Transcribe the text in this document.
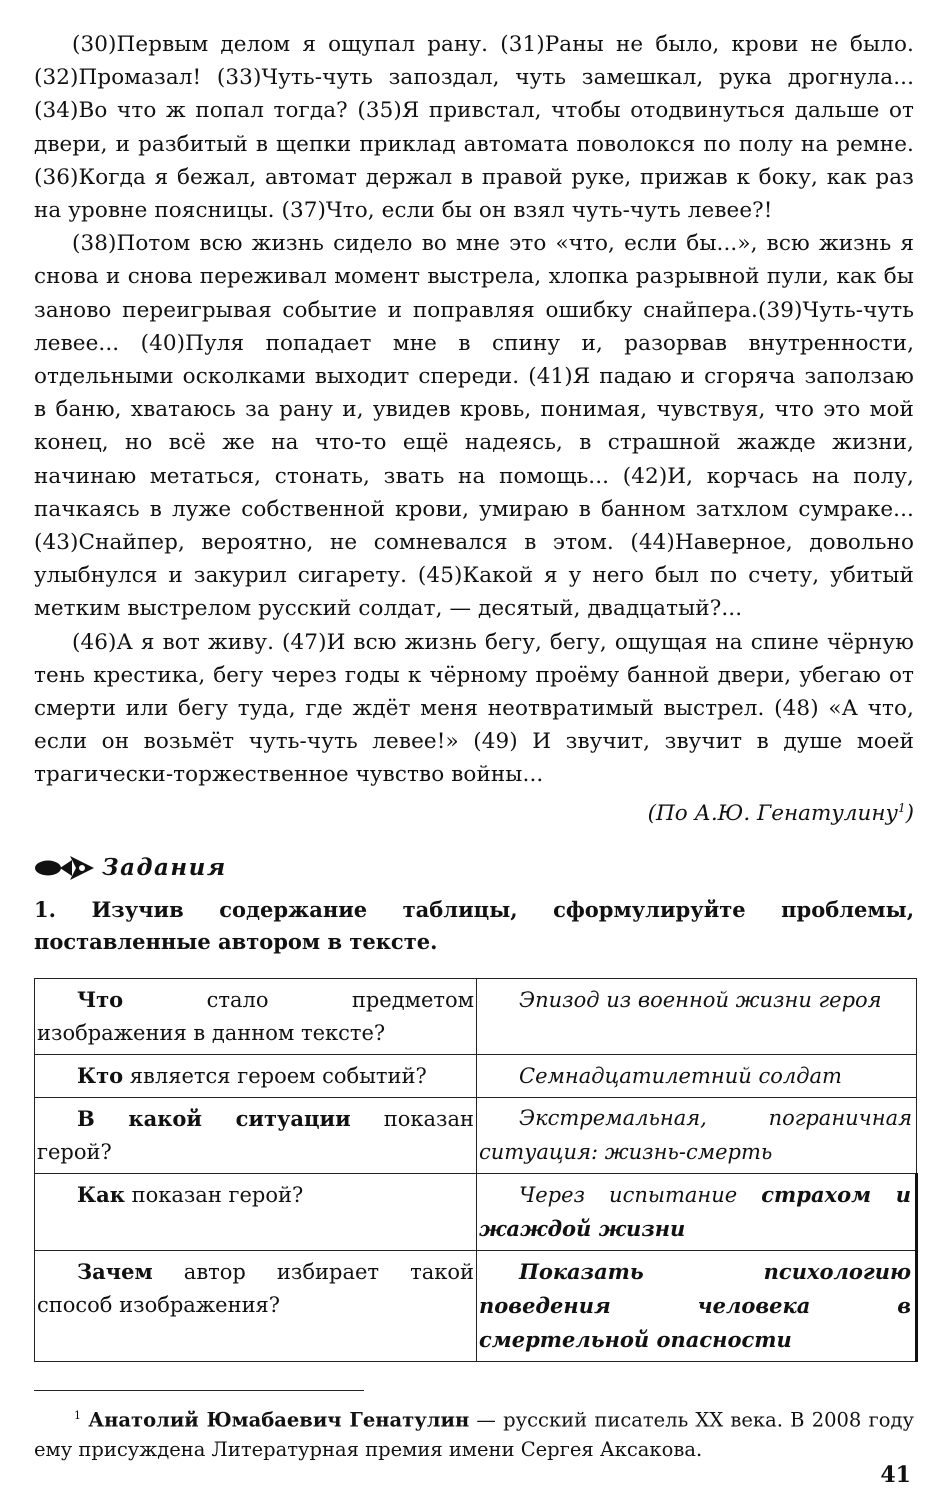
(30)Первым делом я ощупал рану. (31)Раны не было, крови не было. (32)Промазал! (33)Чуть-чуть запоздал, чуть замешкал, рука дрогнула... (34)Во что ж попал тогда? (35)Я привстал, чтобы отодвинуться дальше от двери, и разбитый в щепки приклад автомата поволокся по полу на ремне. (36)Когда я бежал, автомат держал в правой руке, прижав к боку, как раз на уровне поясницы. (37)Что, если бы он взял чуть-чуть левее?!

(38)Потом всю жизнь сидело во мне это «что, если бы...», всю жизнь я снова и снова переживал момент выстрела, хлопка разрывной пули, как бы заново переигрывая событие и поправляя ошибку снайпера.(39)Чуть-чуть левее... (40)Пуля попадает мне в спину и, разорвав внутренности, отдельными осколками выходит спереди. (41)Я падаю и сгоряча заползаю в баню, хватаюсь за рану и, увидев кровь, понимая, чувствуя, что это мой конец, но всё же на что-то ещё надеясь, в страшной жажде жизни, начинаю метаться, стонать, звать на помощь... (42)И, корчась на полу, пачкаясь в луже собственной крови, умираю в банном затхлом сумраке... (43)Снайпер, вероятно, не сомневался в этом. (44)Наверное, довольно улыбнулся и закурил сигарету. (45)Какой я у него был по счету, убитый метким выстрелом русский солдат, — десятый, двадцатый?...

(46)А я вот живу. (47)И всю жизнь бегу, бегу, ощущая на спине чёрную тень крестика, бегу через годы к чёрному проёму банной двери, убегаю от смерти или бегу туда, где ждёт меня неотвратимый выстрел. (48) «А что, если он возьмёт чуть-чуть левее!» (49) И звучит, звучит в душе моей трагически-торжественное чувство войны...

(По А.Ю. Генатулину$^1$)

Задания

1. Изучив содержание таблицы, сформулируйте проблемы, поставленные автором в тексте.

Что стало предметом изображения в данном тексте?	Эпизод из военной жизни героя
Кто является героем событий?	Семнадцатилетний солдат
В какой ситуации показан герой?	Экстремальная, пограничная ситуация: жизнь-смерть
Как показан герой?	Через испытание страхом и жаждой жизни
Зачем автор избирает такой способ изображения?	Показать психологию поведения человека в смертельной опасности

$^1$ Анатолий Юмабаевич Генатулин — русский писатель XX века. В 2008 году ему присуждена Литературная премия имени Сергея Аксакова.

41
